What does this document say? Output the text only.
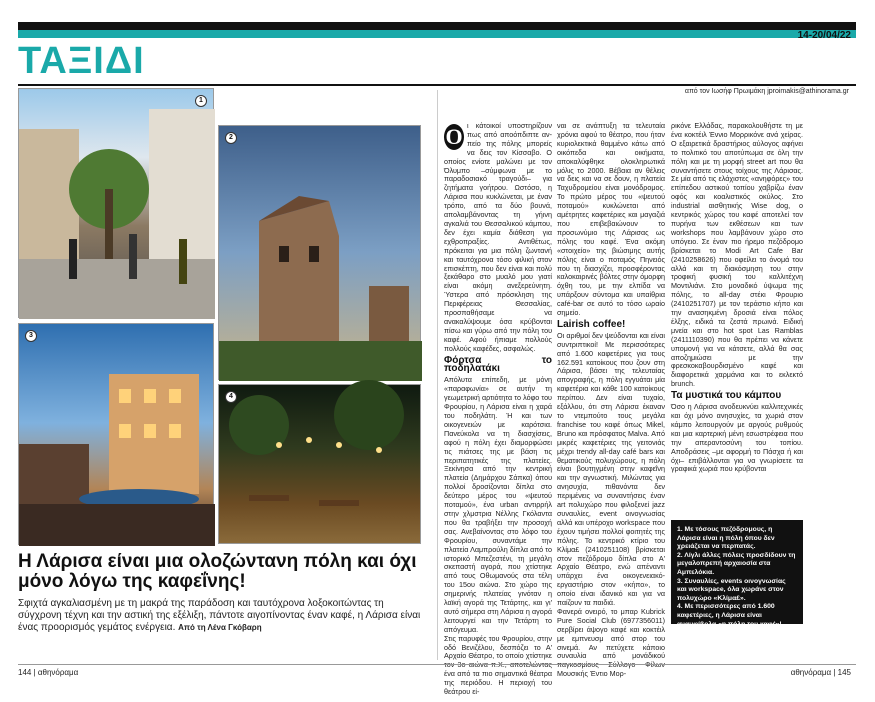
14-20/04/22
ΤΑΞΙΔΙ
από τον Ιωσήφ Πρωιμάκη jproimakis@athinorama.gr
1
2
3
4
Η Λάρισα είναι μια ολοζώντανη πόλη και όχι μόνο λόγω της καφεΐνης!
Σφιχτά αγκαλιασμένη με τη μακρά της παράδοση και ταυτόχρονα λοξοκοιτώντας τη σύγχρονη τέχνη και την αστική της εξέλιξη, πάντοτε αιγοπίνοντας έναν καφέ, η Λάρισα είναι ένας προορισμός γεμάτος ενέργεια. Από τη Λένα Γκόβαρη
Ο ι κάτοικοί υποστηρίζουν πως από αποόπδιπτε αν- πείο της πόλης μπορείς να δεις τον Κίσσαβο. Ο οποίος ενίοτε μαλώνει με τον Όλυμπο –σύμφωνα με το παραδοσιακό τραγούδι– για ζητήματα γοήτρου. Ωστόσο, η Λάρισα που κυκλώνεται, με έναν τρόπο, από τα δύο βουνά, απολαμβάνοντας τη γήινη αγκαλιά του Θεσσαλικού κάμπου, δεν έχει καμία διάθεση για εχθροπραξίες. Αντιθέτως, πρόκειται για μια πόλη ζωντανή και ταυτόχρονα τόσο φιλική στον επισκέπτη, που δεν είναι και πολύ ξεκάθαρο στο μυαλό μου γιατί είναι ακόμη ανεξερεύνητη. Ύστερα από πρόσκληση της Περιφέρειας Θεσσαλίας, προσπαθήσαμε να ανακαλύψουμε όσα κρύβονται πίσω και γύρω από την πόλη του καφέ. Αφού ήπιαμε πολλούς πολλούς καφέδες, ασφαλώς.

Φόρτσα το ποδηλατάκι

Απόλυτα επίπεδη, με μόνη «παραφωνία» σε αυτήν τη γεωμετρική αρτιότητα το λόφο του Φρουρίου, η Λάρισα είναι η χαρά του ποδηλάτη. Ή και των οικογενειών με καρότσια. Πανεύκολα να τη διασχίσεις, αφού η πόλη έχει διαμορφώσει τις πιάτσες της με βάση τις περιπατητικές της πλατείες. Ξεκίνησα από την κεντρική πλατεία (Δημάρχου Σάπκα) όπου πολλοί δροσίζονται δίπλα στο δεύτερο μέρος του «ψευτού ποταμού», ένα urban αντιρρήλ στην χλμστρια Νέλλης Γκόλαντα που θα τραβήξει την προσοχή σας. Ανεβαίνοντας στο λόφο του Φρουρίου, συναντάμε την πλατεία Λαμπρούλη δίπλα από το ιστορικό Μπεζεστένι, τη μεγάλη σκεπαστή αγορά, που χτίστηκε από τους Οθωμανούς στα τέλη του 15ου αιώνα. Στο χώρο της σημερινής πλατείας γινόταν η λαϊκή αγορά της Τετάρτης, και γι' αυτό σήμερα στη Λάρισα η αγορά λειτουργεί και την Τετάρτη το απόγευμα.

Στις παρυφές του Φρουρίου, στην οδό Βενιζέλου, δεσπόζει το Α' Αρχαίο Θέατρο, το οποίο χτίστηκε ένα από τα πιο σημαντικά θέατρα της περιόδου. Η περιοχή του θεάτρου εί-

ναι σε ανάπτυξη τα τελευταία χρόνια αφού το θέατρο, που ήταν κυριολεκτικά θαμμένο κάτω από οικόπεδα και οικήματα, αποκαλύφθηκε ολοκληρωτικά μόλις το 2000. Βέβαια αν θέλεις να δεις και να σε δουν, η πλατεία Ταχυδρομείου είναι μονόδρομος. Το πρώτο μέρος του «ψευτού ποταμού» κυκλώνεται από αμέτρητες καφετέριες και μαγαζιά που επιβεβαιώνουν το προσωνύμιο της Λάρισας ως πόλης του καφέ. Ένα ακόμη «στοιχείο» της βιώσιμης αυτής πόλης είναι ο ποταμός Πηνειός που τη διασχίζει, προσφέροντας καλοκαιρινές βόλτες στην όμορφη όχθη του, με την ελπίδα να υπάρξουν σύντομα και υπαίθρια café-bar σε αυτό το τόσο ωραίο σημείο.

Lairish coffee!

Οι αριθμοί δεν ψεύδονται και είναι συντριπτικοί! Με περισσότερες από 1.600 καφετέριες για τους 162.591 κατοίκους που ζουν στη Λάρισα, βάσει της τελευταίας απογραφής, η πόλη εγγυάται μία καφετέρια και κάθε 100 κατοίκους περίπου. Δεν είναι τυχαίο, εξάλλου, ότι στη Λάρισα έκαναν το ντεμπούτο τους μεγάλα franchise του καφέ όπως Mikel, Bruno και πρόσφατος Malva. Από μικρές καφετέριες της γειτονιάς μέχρι trendy all-day café bars και θεματικούς πολυχώρους, η πόλη είναι βουτηγμένη στην καφεΐνη και την αγνωστική. Μιλώντας για ανησυχία, πιθανόντα δεν περιμένεις να συναντήσεις έναν art πολυχώρο που φιλοξενεί jazz συναυλίες, event οινογνωσίας αλλά και υπέροχο workspace που έχουν τιμήσει πολλοί φοιτητές της πόλης. Το κεντρικό κτίριο του Κλίμα£ (2410251108) βρίσκεται στον πεζόδρομο δίπλα στο Α' Αρχαίο Θέατρο, ενώ απέναντι υπάρχει ένα οικογενειακό-εργαστήριο στον «κήπο», το οποίο είναι ιδανικό και για να παίζουν τα παιδιά.

Φανερά ονειρό, το μπαρ Kubrick Pure Social Club (6977356011) σερβίρει άψογο καφέ και κοκτέιλ με εμπνευσμ από στορ του σινεμά. Αν πετύχετε κάποιο συναυλία από μονάδικού Μουσικής Έντιο Μορ-

ρικόνε Ελλάδας, παρακολουθήστε τη με ένα κοκτέιλ Έννιο Μορρικόνε ανά χείρας. Ο εξαιρετικά δραστήριος αύλογος αφήνει το πολιτικό του αποτύπωμα σε όλη την πόλη και με τη μορφή street art που θα συναντήσετε στους τοίχους της Λάρισας. Σε μία από τις ελάχιστες «ανηφόρες» του επίπεδου αστικού τοπίου χαβρίζω έναν οφός και κοαλιστικός οκύλος. Στο industrial αισθητικής Wise dog, ο κεντρικός χώρος του καφέ αποτελεί τον πυρήνα των εκθέσεων και των workshops που λαμβάνουν χώρο στο υπόγειο. Σε έναν πιο ήρεμο πεζόδρομο βρίσκεται το Modi Art Cafe Bar (2410258626) που οφείλει το όνομά του αλλά και τη διακόσμηση του στην τροφική φυσική του καλλιτέχνη Μοντιλιάνι. Στο μοναδικό ύψωμα της πόλης, το all-day στέκι Φρουριο (2410251707) με τον τεράστιο κήπο και την ανασηκμένη δροσιά είναι πόλος έλξης, ειδικά τα ζεστά πρωινά. Ειδική μνεία και στο hot spot Las Ramblas (2411110390) που θα πρέπει να κάνετε υπομονή για να κάτσετε, αλλά θα σας αποζημιώσει με την φρεσκοκαβουρδισμένο καφέ και διαφορετικά χαρμάνια και το εκλεκτό brunch.

Τα μυστικά του κάμπου

Όσο η Λάρισα ανοδευκνύει καλλιτεχνικές και όχι μόνο ανησυχίες, τα χωριά στον κάμπο λειτουργούν με αργούς ρυθμούς και μια καρτερική μένη εσωστρέφεια που την απεραντοσύνη του τοπίου. Αποδράσεις –με αφορμή το Πάσχα ή και όχι– επιβάλλονται για να γνωρίσετε τα γραφικά χωριά που κρύβονται

1. Με τόσους πεζόδρομους, η Λάρισα είναι η πόλη όπου δεν χρειάζεται να περπατάς.

2. Λίγλι άλλες πόλεις προσδίδουν τη μεγαλοπρεπή αρχαιοσία στα Αμπελόκια.

3. Συναυλίες, events οινογνωσίας και workspace, όλα χωράνε στον πολυχώρο «Κλίμα£».

4. Με περισσότερες από 1.600 καφετέριες, η Λάρισα είναι αναμφίβολα «η πόλη του καφέ»!

144 | αθηνόραμα	αθηνόραμα | 145
